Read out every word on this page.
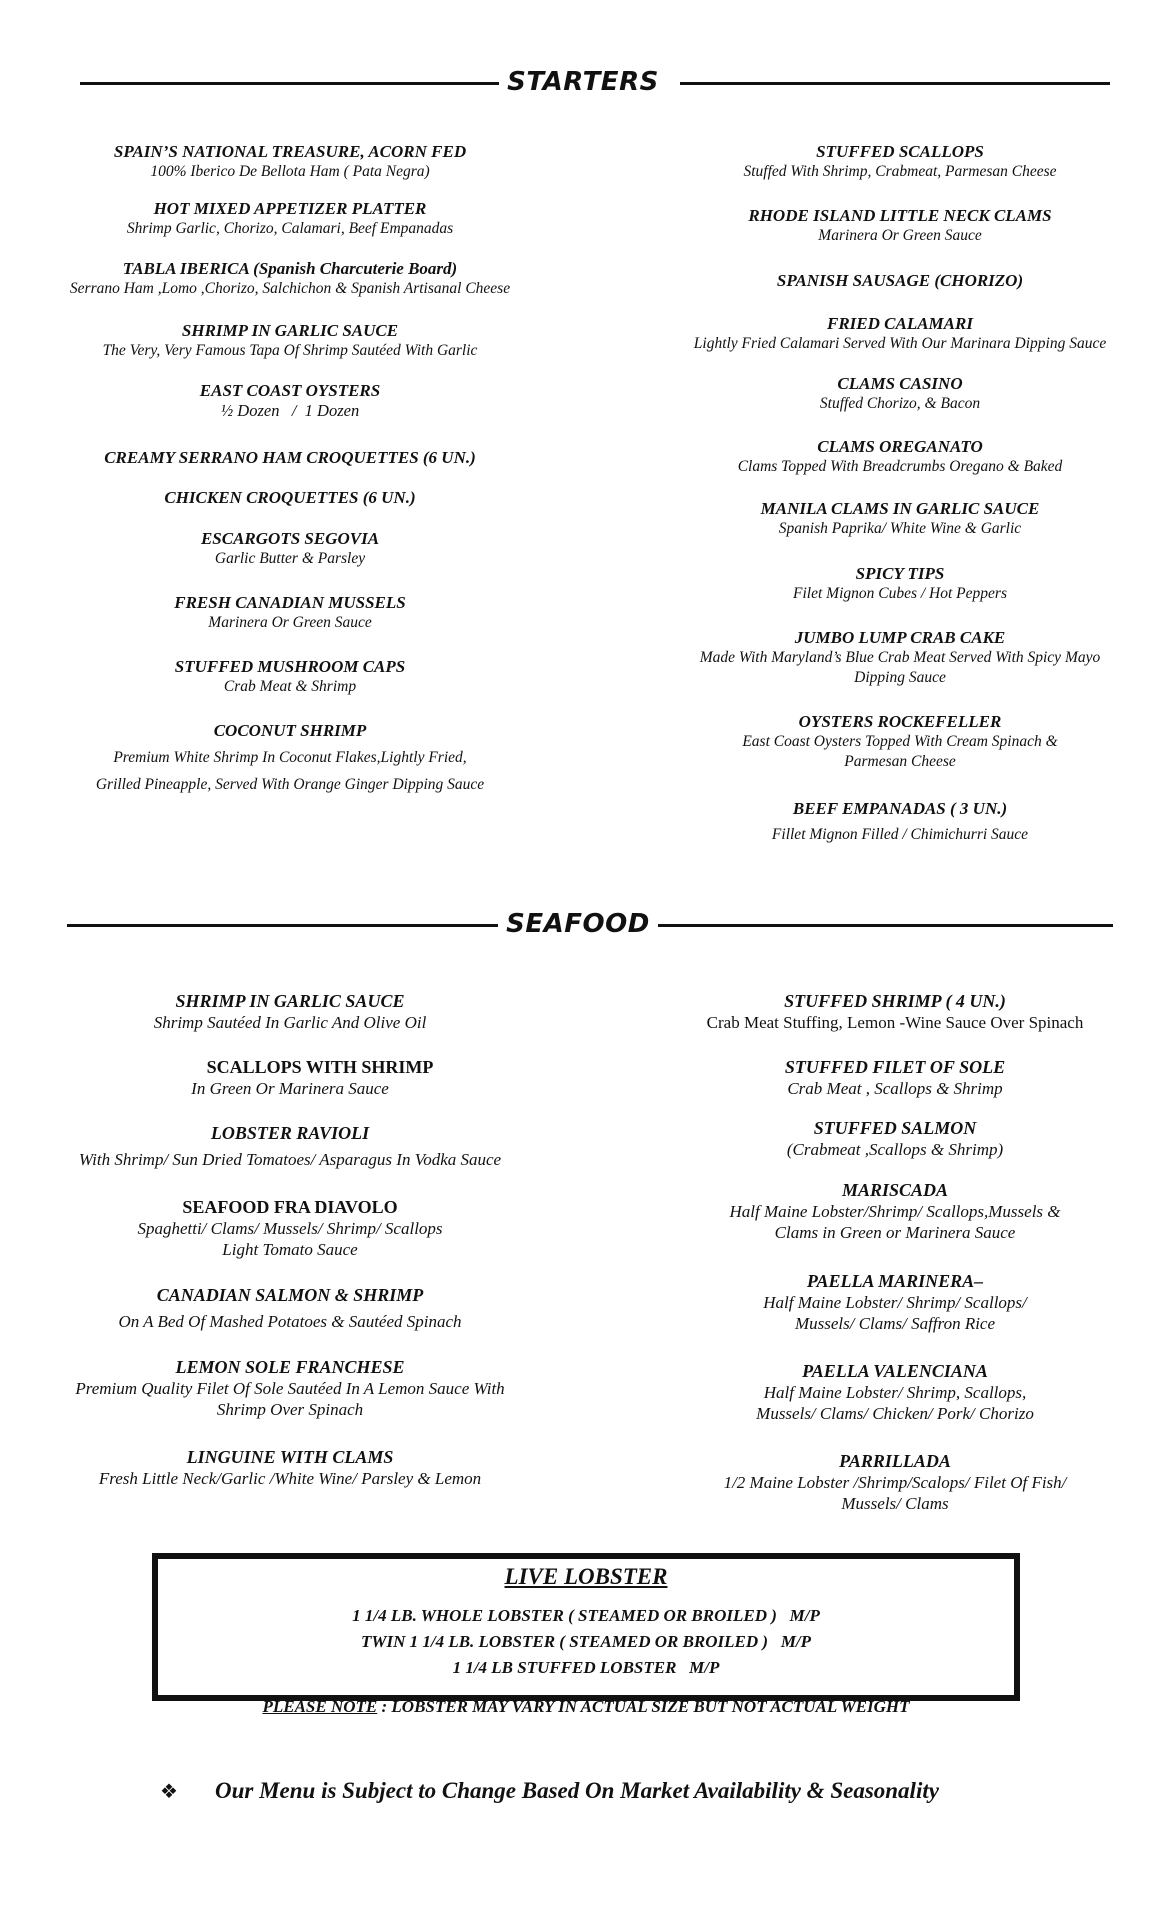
STARTERS
SPAIN’S NATIONAL TREASURE, ACORN FED
100% Iberico De Bellota Ham ( Pata Negra)
HOT MIXED APPETIZER PLATTER
Shrimp Garlic, Chorizo, Calamari, Beef Empanadas
TABLA IBERICA (Spanish Charcuterie Board)
Serrano Ham ,Lomo ,Chorizo, Salchichon & Spanish Artisanal Cheese
SHRIMP IN GARLIC SAUCE
The Very, Very Famous Tapa Of Shrimp Sautéed With Garlic
EAST COAST OYSTERS
½ Dozen   /  1 Dozen
CREAMY SERRANO HAM CROQUETTES (6 UN.)
CHICKEN CROQUETTES (6 UN.)
ESCARGOTS SEGOVIA
Garlic Butter & Parsley
FRESH CANADIAN MUSSELS
Marinera Or Green Sauce
STUFFED MUSHROOM CAPS
Crab Meat & Shrimp
COCONUT SHRIMP
Premium White Shrimp In Coconut Flakes,Lightly Fried,
Grilled Pineapple, Served With Orange Ginger Dipping Sauce
STUFFED SCALLOPS
Stuffed With Shrimp, Crabmeat, Parmesan Cheese
RHODE ISLAND LITTLE NECK CLAMS
Marinera Or Green Sauce
SPANISH SAUSAGE (CHORIZO)
FRIED CALAMARI
Lightly Fried Calamari Served With Our Marinara Dipping Sauce
CLAMS CASINO
Stuffed Chorizo, & Bacon
CLAMS OREGANATO
Clams Topped With Breadcrumbs Oregano & Baked
MANILA CLAMS IN GARLIC SAUCE
Spanish Paprika/ White Wine & Garlic
SPICY TIPS
Filet Mignon Cubes / Hot Peppers
JUMBO LUMP CRAB CAKE
Made With Maryland’s Blue Crab Meat Served With Spicy Mayo
Dipping Sauce
OYSTERS ROCKEFELLER
East Coast Oysters Topped With Cream Spinach &
Parmesan Cheese
BEEF EMPANADAS ( 3 UN.)
Fillet Mignon Filled / Chimichurri Sauce
SEAFOOD
SHRIMP IN GARLIC SAUCE
Shrimp Sautéed In Garlic And Olive Oil
SCALLOPS WITH SHRIMP
In Green Or Marinera Sauce
LOBSTER RAVIOLI
With Shrimp/ Sun Dried Tomatoes/ Asparagus In Vodka Sauce
SEAFOOD FRA DIAVOLO
Spaghetti/ Clams/ Mussels/ Shrimp/ Scallops
Light Tomato Sauce
CANADIAN SALMON & SHRIMP
On A Bed Of Mashed Potatoes & Sautéed Spinach
LEMON SOLE FRANCHESE
Premium Quality Filet Of Sole Sautéed In A Lemon Sauce With
Shrimp Over Spinach
LINGUINE WITH CLAMS
Fresh Little Neck/Garlic /White Wine/ Parsley & Lemon
STUFFED SHRIMP ( 4 UN.)
Crab Meat Stuffing, Lemon -Wine Sauce Over Spinach
STUFFED FILET OF SOLE
Crab Meat , Scallops & Shrimp
STUFFED SALMON
(Crabmeat ,Scallops & Shrimp)
MARISCADA
Half Maine Lobster/Shrimp/ Scallops,Mussels &
Clams in Green or Marinera Sauce
PAELLA MARINERA–
Half Maine Lobster/ Shrimp/ Scallops/
Mussels/ Clams/ Saffron Rice
PAELLA VALENCIANA
Half Maine Lobster/ Shrimp, Scallops,
Mussels/ Clams/ Chicken/ Pork/ Chorizo
PARRILLADA
1/2 Maine Lobster /Shrimp/Scalops/ Filet Of Fish/
Mussels/ Clams
LIVE LOBSTER
1 1/4 LB. WHOLE LOBSTER ( STEAMED OR BROILED )   M/P
TWIN 1 1/4 LB. LOBSTER ( STEAMED OR BROILED )   M/P
1 1/4 LB STUFFED LOBSTER   M/P
PLEASE NOTE : LOBSTER MAY VARY IN ACTUAL SIZE BUT NOT ACTUAL WEIGHT
❖ Our Menu is Subject to Change Based On Market Availability & Seasonality
